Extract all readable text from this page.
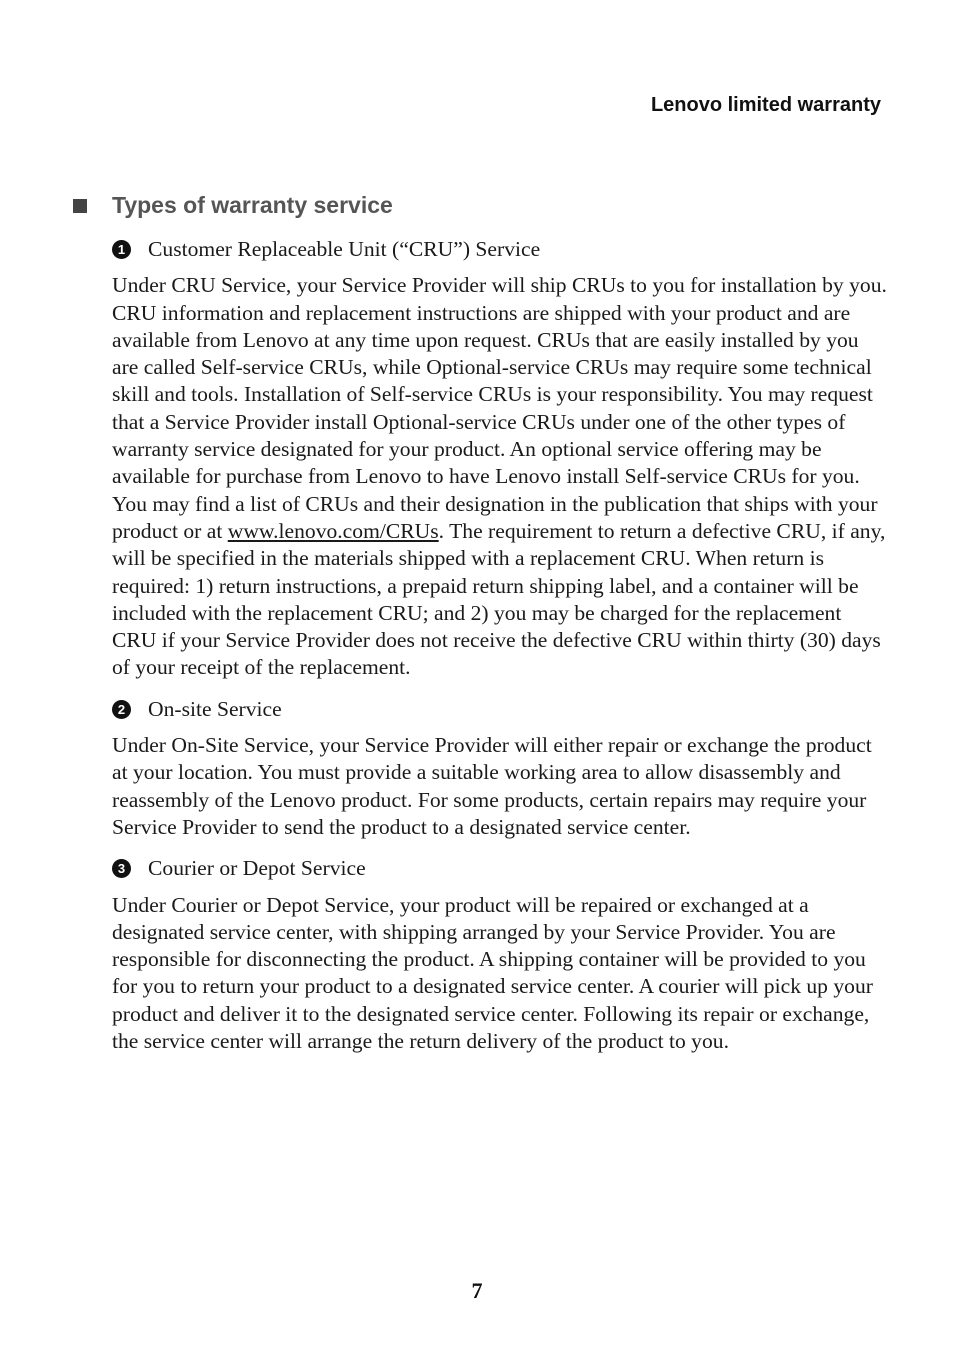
Lenovo limited warranty
Types of warranty service
1 Customer Replaceable Unit (“CRU”) Service

Under CRU Service, your Service Provider will ship CRUs to you for installation by you. CRU information and replacement instructions are shipped with your product and are available from Lenovo at any time upon request. CRUs that are easily installed by you are called Self-service CRUs, while Optional-service CRUs may require some technical skill and tools. Installation of Self-service CRUs is your responsibility. You may request that a Service Provider install Optional-service CRUs under one of the other types of warranty service designated for your product. An optional service offering may be available for purchase from Lenovo to have Lenovo install Self-service CRUs for you. You may find a list of CRUs and their designation in the publication that ships with your product or at www.lenovo.com/CRUs. The requirement to return a defective CRU, if any, will be specified in the materials shipped with a replacement CRU. When return is required: 1) return instructions, a prepaid return shipping label, and a container will be included with the replacement CRU; and 2) you may be charged for the replacement CRU if your Service Provider does not receive the defective CRU within thirty (30) days of your receipt of the replacement.

2 On-site Service

Under On-Site Service, your Service Provider will either repair or exchange the product at your location. You must provide a suitable working area to allow disassembly and reassembly of the Lenovo product. For some products, certain repairs may require your Service Provider to send the product to a designated service center.

3 Courier or Depot Service

Under Courier or Depot Service, your product will be repaired or exchanged at a designated service center, with shipping arranged by your Service Provider. You are responsible for disconnecting the product. A shipping container will be provided to you for you to return your product to a designated service center. A courier will pick up your product and deliver it to the designated service center. Following its repair or exchange, the service center will arrange the return delivery of the product to you.

7
